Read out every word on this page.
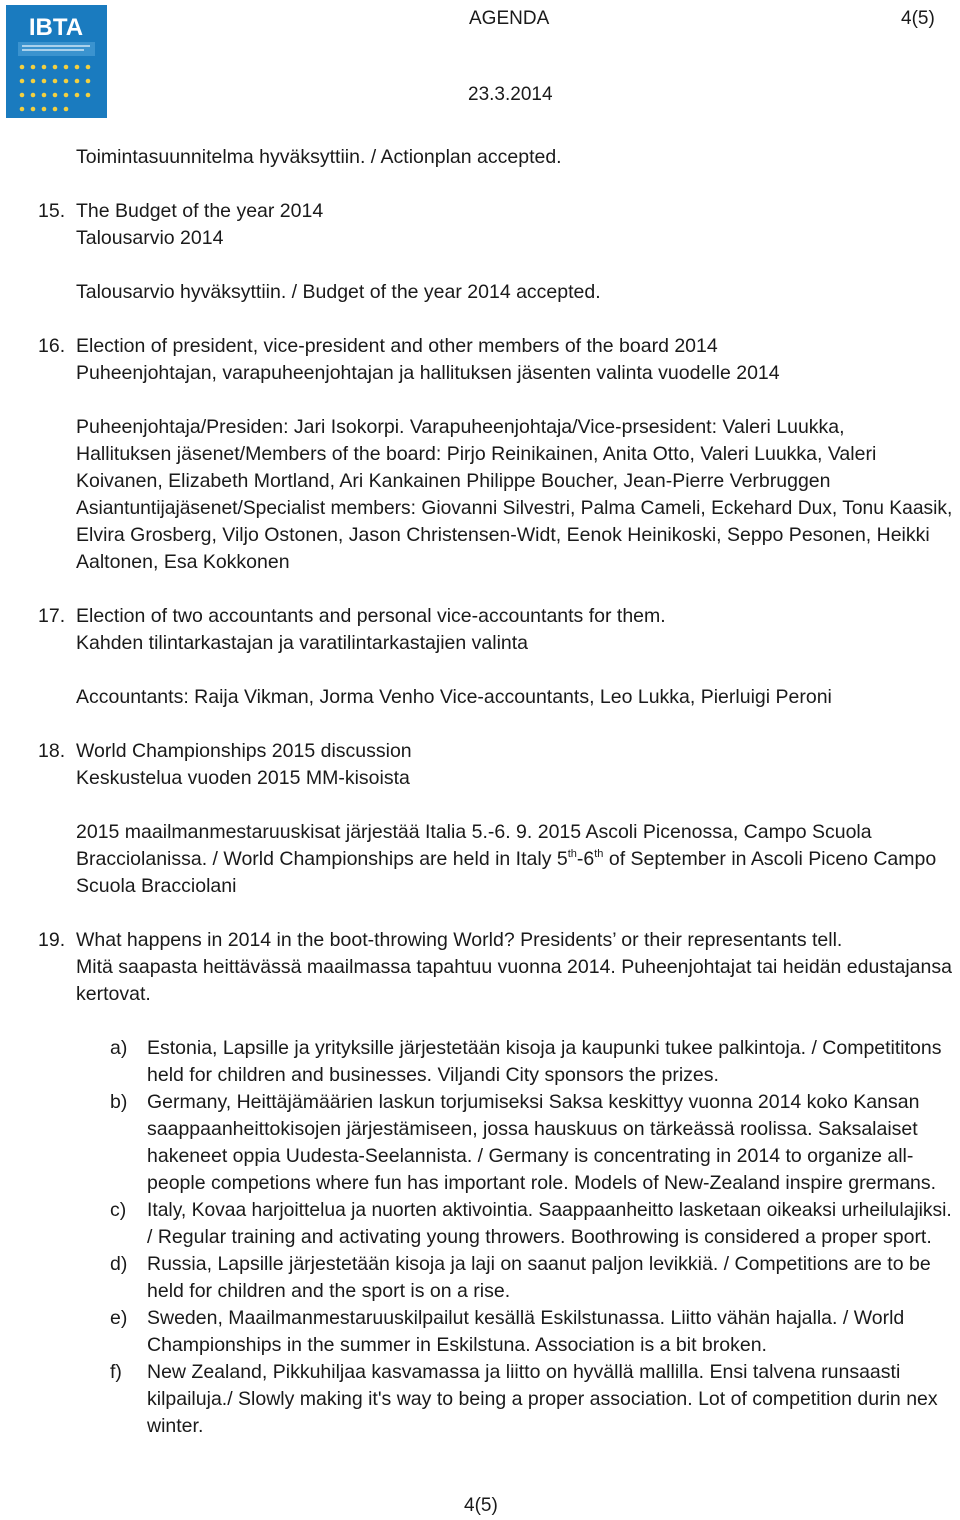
IBTA	AGENDA	4(5)
23.3.2014
Toimintasuunnitelma hyväksyttiin. / Actionplan accepted.
15. The Budget of the year 2014
Talousarvio 2014
Talousarvio hyväksyttiin. / Budget of the year 2014 accepted.
16. Election of president, vice-president and other members of the board 2014
Puheenjohtajan, varapuheenjohtajan ja hallituksen jäsenten valinta vuodelle 2014
Puheenjohtaja/Presiden: Jari Isokorpi. Varapuheenjohtaja/Vice-prsesident: Valeri Luukka,
Hallituksen jäsenet/Members of the board: Pirjo Reinikainen, Anita Otto, Valeri Luukka, Valeri
Koivanen, Elizabeth Mortland, Ari Kankainen Philippe Boucher, Jean-Pierre Verbruggen
Asiantuntijajäsenet/Specialist members: Giovanni Silvestri, Palma Cameli, Eckehard Dux, Tonu Kaasik,
Elvira Grosberg, Viljo Ostonen, Jason Christensen-Widt, Eenok Heinikoski, Seppo Pesonen, Heikki
Aaltonen, Esa Kokkonen
17. Election of two accountants and personal vice-accountants for them.
Kahden tilintarkastajan ja varatilintarkastajien valinta
Accountants: Raija Vikman, Jorma Venho Vice-accountants, Leo Lukka, Pierluigi Peroni
18. World Championships 2015 discussion
Keskustelua vuoden 2015 MM-kisoista
2015 maailmanmestaruuskisat järjestää Italia 5.-6. 9. 2015 Ascoli Picenossa, Campo Scuola
Bracciolanissa. / World Championships are held in Italy 5th-6th of September in Ascoli Piceno Campo
Scuola Bracciolani
19. What happens in 2014 in the boot-throwing World? Presidents’ or their representants tell.
Mitä saapasta heittävässä maailmassa tapahtuu vuonna 2014. Puheenjohtajat tai heidän edustajansa
kertovat.
a) Estonia, Lapsille ja yrityksille järjestetään kisoja ja kaupunki tukee palkintoja. / Competititons
held for children and businesses. Viljandi City sponsors the prizes.
b) Germany, Heittäjämäärien laskun torjumiseksi Saksa keskittyy vuonna 2014 koko Kansan
saappaanheittokisojen järjestämiseen, jossa hauskuus on tärkeässä roolissa. Saksalaiset
hakeneet oppia Uudesta-Seelannista. / Germany is concentrating in 2014 to organize all-
people competions where fun has important role. Models of New-Zealand inspire grermans.
c) Italy, Kovaa harjoittelua ja nuorten aktivointia. Saappaanheitto lasketaan oikeaksi urheilulajiksi.
/ Regular training and activating young throwers. Boothrowing is considered a proper sport.
d) Russia, Lapsille järjestetään kisoja ja laji on saanut paljon levikkiä. / Competitions are to be
held for children and the sport is on a rise.
e) Sweden, Maailmanmestaruuskilpailut kesällä Eskilstunassa. Liitto vähän hajalla. / World
Championships in the summer in Eskilstuna. Association is a bit broken.
f) New Zealand, Pikkuhiljaa kasvamassa ja liitto on hyvällä mallilla. Ensi talvena runsaasti
kilpailuja./ Slowly making it's way to being a proper association. Lot of competition durin nex
winter.
4(5)
